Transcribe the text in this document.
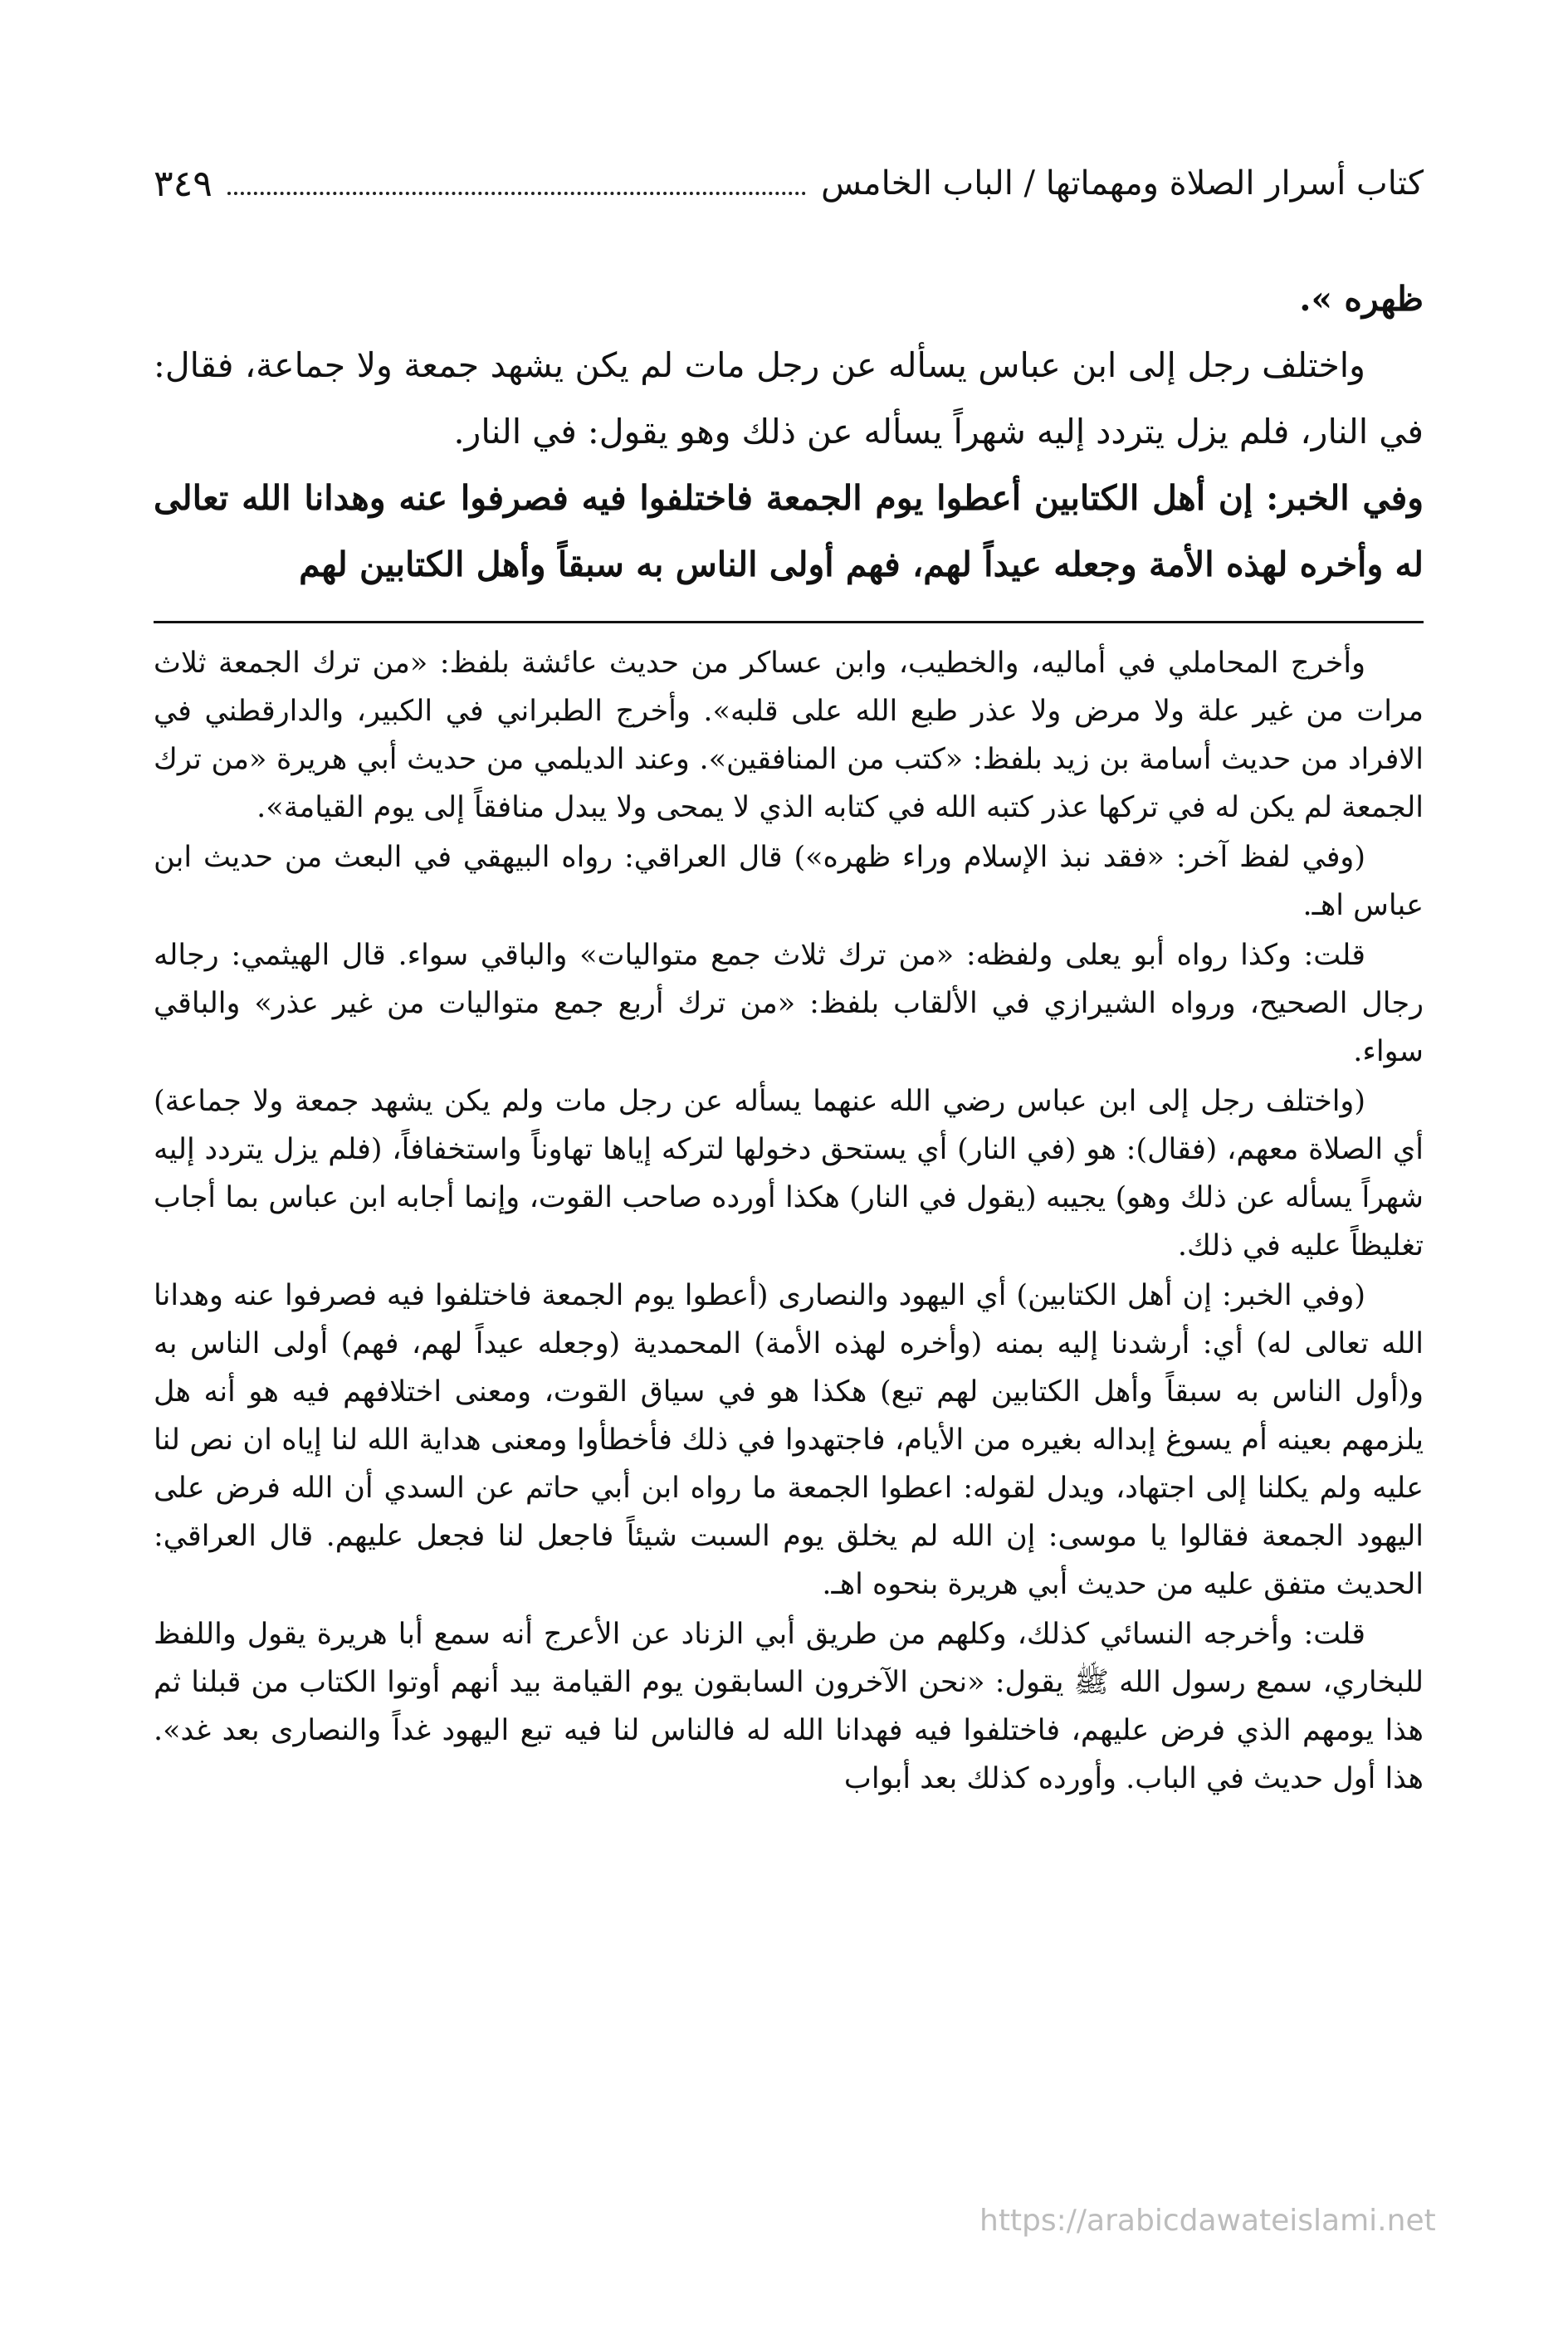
كتاب أسرار الصلاة ومهماتها / الباب الخامس
٣٤٩

ظهره ».

واختلف رجل إلى ابن عباس يسأله عن رجل مات لم يكن يشهد جمعة ولا جماعة، فقال: في النار، فلم يزل يتردد إليه شهراً يسأله عن ذلك وهو يقول: في النار.

وفي الخبر: إن أهل الكتابين أعطوا يوم الجمعة فاختلفوا فيه فصرفوا عنه وهدانا الله تعالى له وأخره لهذه الأمة وجعله عيداً لهم، فهم أولى الناس به سبقاً وأهل الكتابين لهم

وأخرج المحاملي في أماليه، والخطيب، وابن عساكر من حديث عائشة بلفظ: «من ترك الجمعة ثلاث مرات من غير علة ولا مرض ولا عذر طبع الله على قلبه». وأخرج الطبراني في الكبير، والدارقطني في الافراد من حديث أسامة بن زيد بلفظ: «كتب من المنافقين». وعند الديلمي من حديث أبي هريرة «من ترك الجمعة لم يكن له في تركها عذر كتبه الله في كتابه الذي لا يمحى ولا يبدل منافقاً إلى يوم القيامة».

(وفي لفظ آخر: «فقد نبذ الإسلام وراء ظهره») قال العراقي: رواه البيهقي في البعث من حديث ابن عباس اهـ.

قلت: وكذا رواه أبو يعلى ولفظه: «من ترك ثلاث جمع متواليات» والباقي سواء. قال الهيثمي: رجاله رجال الصحيح، ورواه الشيرازي في الألقاب بلفظ: «من ترك أربع جمع متواليات من غير عذر» والباقي سواء.

(واختلف رجل إلى ابن عباس رضي الله عنهما يسأله عن رجل مات ولم يكن يشهد جمعة ولا جماعة) أي الصلاة معهم، (فقال): هو (في النار) أي يستحق دخولها لتركه إياها تهاوناً واستخفافاً، (فلم يزل يتردد إليه شهراً يسأله عن ذلك وهو) يجيبه (يقول في النار) هكذا أورده صاحب القوت، وإنما أجابه ابن عباس بما أجاب تغليظاً عليه في ذلك.

(وفي الخبر: إن أهل الكتابين) أي اليهود والنصارى (أعطوا يوم الجمعة فاختلفوا فيه فصرفوا عنه وهدانا الله تعالى له) أي: أرشدنا إليه بمنه (وأخره لهذه الأمة) المحمدية (وجعله عيداً لهم، فهم) أولى الناس به و(أول الناس به سبقاً وأهل الكتابين لهم تبع) هكذا هو في سياق القوت، ومعنى اختلافهم فيه هو أنه هل يلزمهم بعينه أم يسوغ إبداله بغيره من الأيام، فاجتهدوا في ذلك فأخطأوا ومعنى هداية الله لنا إياه ان نص لنا عليه ولم يكلنا إلى اجتهاد، ويدل لقوله: اعطوا الجمعة ما رواه ابن أبي حاتم عن السدي أن الله فرض على اليهود الجمعة فقالوا يا موسى: إن الله لم يخلق يوم السبت شيئاً فاجعل لنا فجعل عليهم. قال العراقي: الحديث متفق عليه من حديث أبي هريرة بنحوه اهـ.

قلت: وأخرجه النسائي كذلك، وكلهم من طريق أبي الزناد عن الأعرج أنه سمع أبا هريرة يقول واللفظ للبخاري، سمع رسول الله ﷺ يقول: «نحن الآخرون السابقون يوم القيامة بيد أنهم أوتوا الكتاب من قبلنا ثم هذا يومهم الذي فرض عليهم، فاختلفوا فيه فهدانا الله له فالناس لنا فيه تبع اليهود غداً والنصارى بعد غد». هذا أول حديث في الباب. وأورده كذلك بعد أبواب

https://arabicdawateislami.net
